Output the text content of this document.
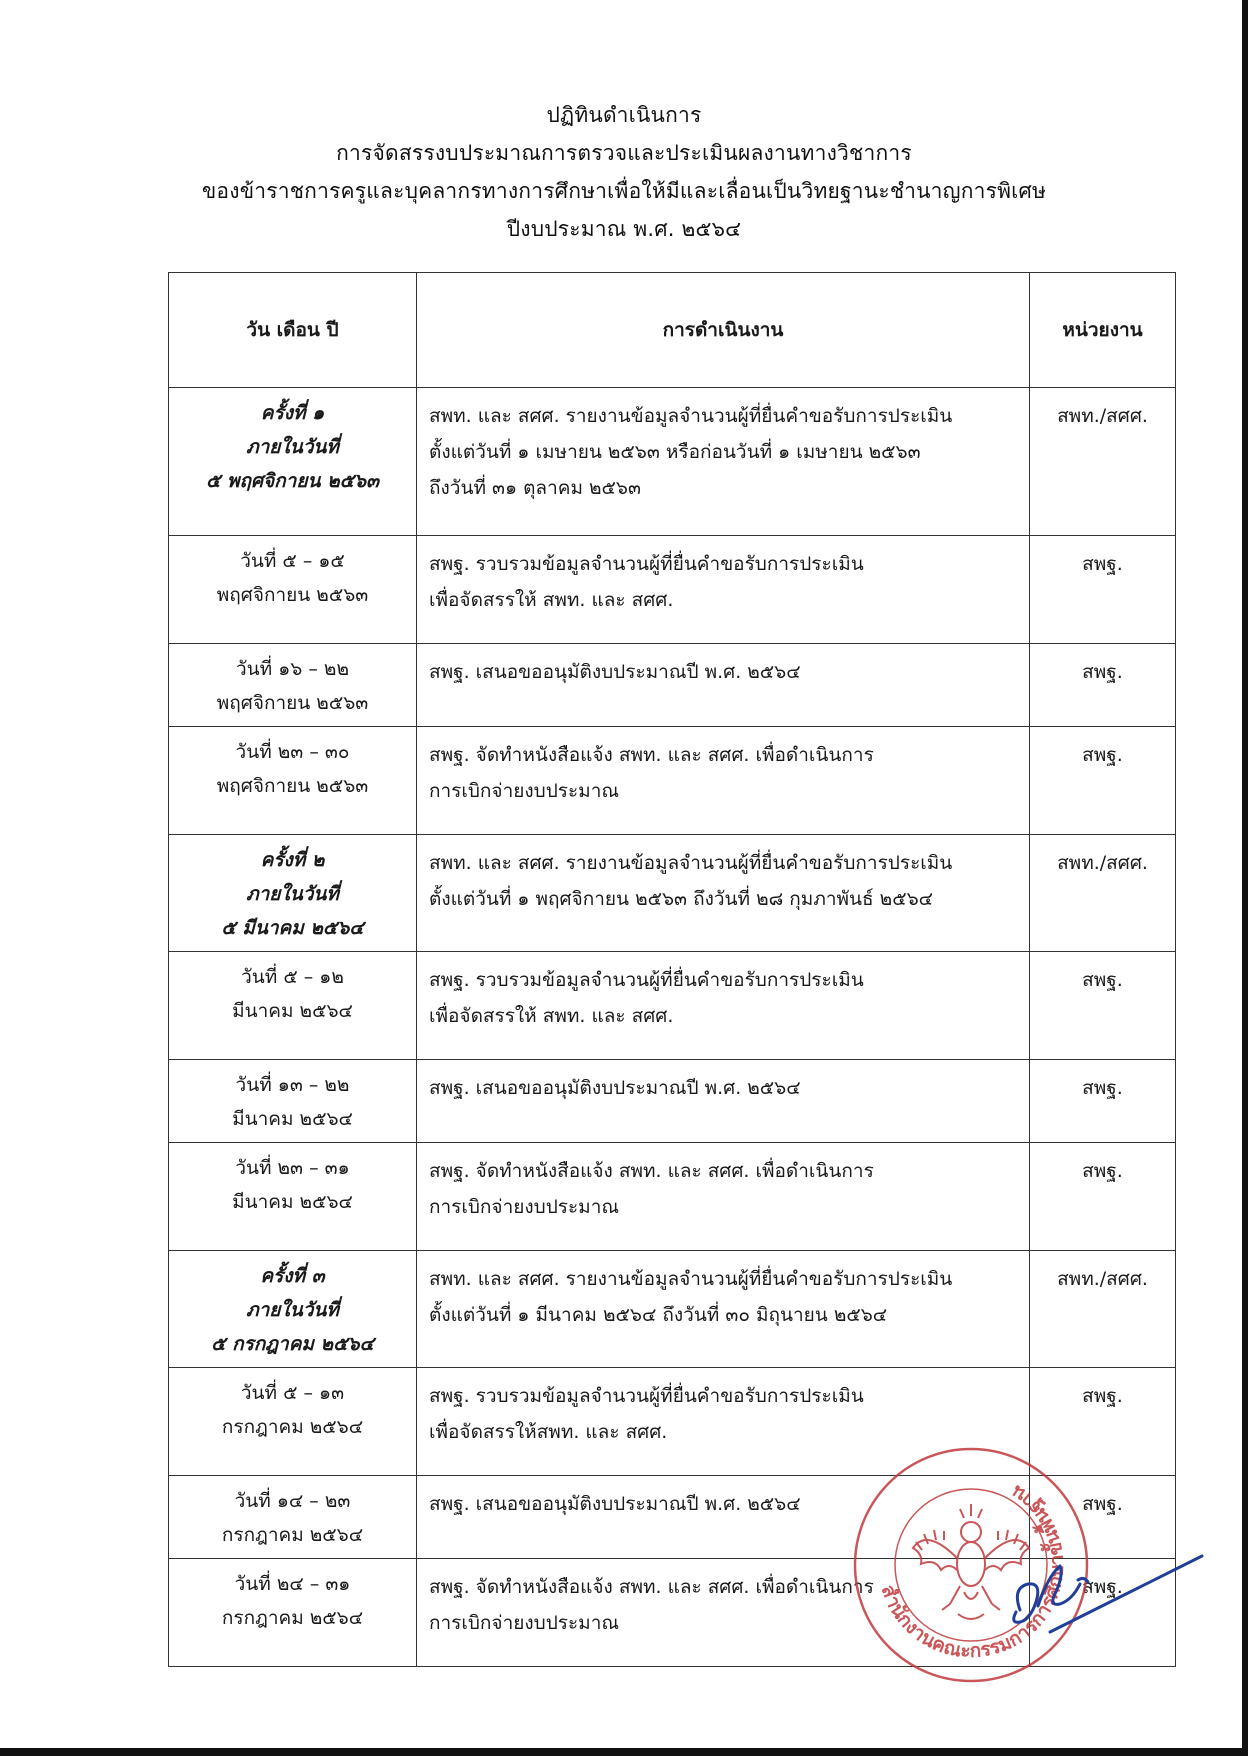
ปฏิทินดำเนินการ
การจัดสรรงบประมาณการตรวจและประเมินผลงานทางวิชาการ
ของข้าราชการครูและบุคลากรทางการศึกษาเพื่อให้มีและเลื่อนเป็นวิทยฐานะชำนาญการพิเศษ
ปีงบประมาณ พ.ศ. ๒๕๖๔
วัน เดือน ปี	การดำเนินงาน	หน่วยงาน

ครั้งที่ ๑
ภายในวันที่
๕ พฤศจิกายน ๒๕๖๓	สพท. และ สศศ. รายงานข้อมูลจำนวนผู้ที่ยื่นคำขอรับการประเมิน
ตั้งแต่วันที่ ๑ เมษายน ๒๕๖๓ หรือก่อนวันที่ ๑ เมษายน ๒๕๖๓
ถึงวันที่ ๓๑ ตุลาคม ๒๕๖๓	สพท./สศศ.

วันที่ ๕ – ๑๕
พฤศจิกายน ๒๕๖๓	สพฐ. รวบรวมข้อมูลจำนวนผู้ที่ยื่นคำขอรับการประเมิน
เพื่อจัดสรรให้ สพท. และ สศศ.	สพฐ.

วันที่ ๑๖ – ๒๒
พฤศจิกายน ๒๕๖๓	สพฐ. เสนอขออนุมัติงบประมาณปี พ.ศ. ๒๕๖๔	สพฐ.

วันที่ ๒๓ – ๓๐
พฤศจิกายน ๒๕๖๓	สพฐ. จัดทำหนังสือแจ้ง สพท. และ สศศ. เพื่อดำเนินการ
การเบิกจ่ายงบประมาณ	สพฐ.

ครั้งที่ ๒
ภายในวันที่
๕ มีนาคม ๒๕๖๔	สพท. และ สศศ. รายงานข้อมูลจำนวนผู้ที่ยื่นคำขอรับการประเมิน
ตั้งแต่วันที่ ๑ พฤศจิกายน ๒๕๖๓ ถึงวันที่ ๒๘ กุมภาพันธ์ ๒๕๖๔	สพท./สศศ.

วันที่ ๕ – ๑๒
มีนาคม ๒๕๖๔	สพฐ. รวบรวมข้อมูลจำนวนผู้ที่ยื่นคำขอรับการประเมิน
เพื่อจัดสรรให้ สพท. และ สศศ.	สพฐ.

วันที่ ๑๓ – ๒๒
มีนาคม ๒๕๖๔	สพฐ. เสนอขออนุมัติงบประมาณปี พ.ศ. ๒๕๖๔	สพฐ.

วันที่ ๒๓ – ๓๑
มีนาคม ๒๕๖๔	สพฐ. จัดทำหนังสือแจ้ง สพท. และ สศศ. เพื่อดำเนินการ
การเบิกจ่ายงบประมาณ	สพฐ.

ครั้งที่ ๓
ภายในวันที่
๕ กรกฎาคม ๒๕๖๔	สพท. และ สศศ. รายงานข้อมูลจำนวนผู้ที่ยื่นคำขอรับการประเมิน
ตั้งแต่วันที่ ๑ มีนาคม ๒๕๖๔ ถึงวันที่ ๓๐ มิถุนายน ๒๕๖๔	สพท./สศศ.

วันที่ ๕ – ๑๓
กรกฎาคม ๒๕๖๔	สพฐ. รวบรวมข้อมูลจำนวนผู้ที่ยื่นคำขอรับการประเมิน
เพื่อจัดสรรให้สพท. และ สศศ.	สพฐ.

วันที่ ๑๔ – ๒๓
กรกฎาคม ๒๕๖๔	สพฐ. เสนอขออนุมัติงบประมาณปี พ.ศ. ๒๕๖๔	สพฐ.

วันที่ ๒๔ – ๓๑
กรกฎาคม ๒๕๖๔	สพฐ. จัดทำหนังสือแจ้ง สพท. และ สศศ. เพื่อดำเนินการ
การเบิกจ่ายงบประมาณ	สพฐ.
สำนักงานคณะกรรมการการศึกษาขั้นพื้นฐาน
